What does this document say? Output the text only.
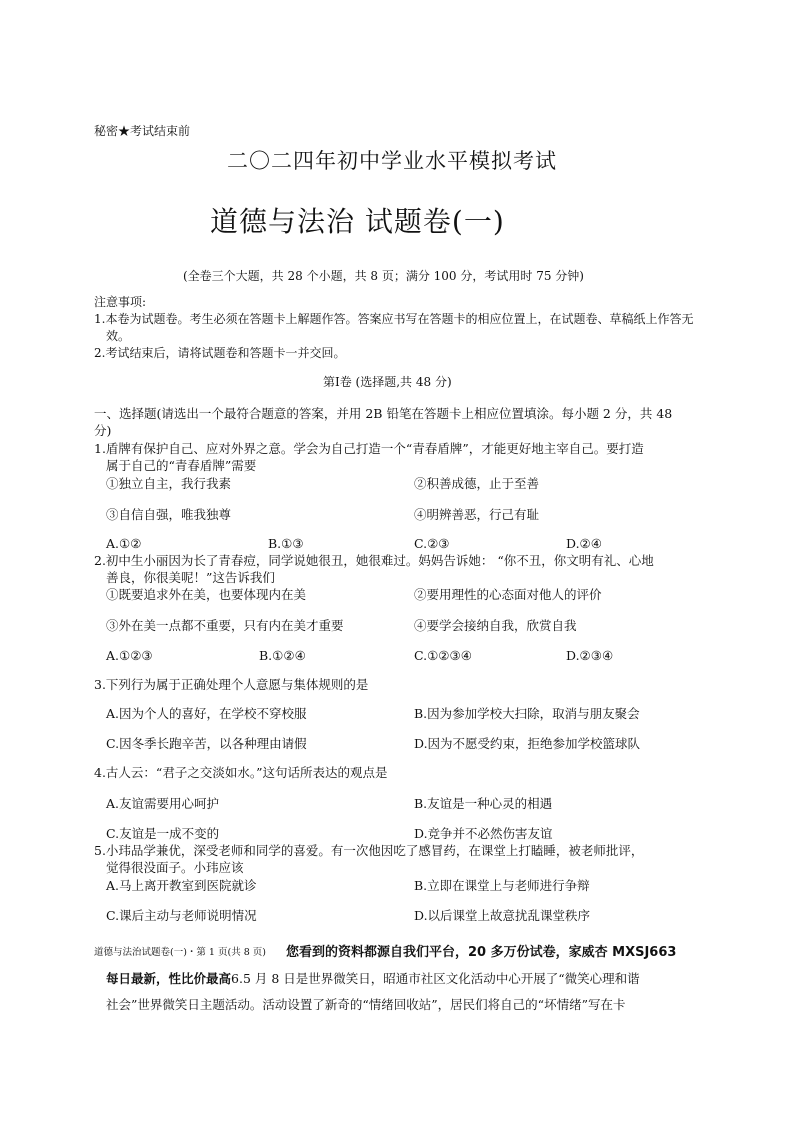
秘密★考试结束前
二〇二四年初中学业水平模拟考试
道德与法治 试题卷(一)
(全卷三个大题，共 28 个小题，共 8 页；满分 100 分，考试用时 75 分钟)
注意事项:
1.本卷为试题卷。考生必须在答题卡上解题作答。答案应书写在答题卡的相应位置上，在试题卷、草稿纸上作答无
效。
2.考试结束后，请将试题卷和答题卡一并交回。
第Ⅰ卷 (选择题,共 48 分)
一、选择题(请选出一个最符合题意的答案，并用 2B 铅笔在答题卡上相应位置填涂。每小题 2 分，共 48
分)
1.盾牌有保护自己、应对外界之意。学会为自己打造一个“青春盾牌”，才能更好地主宰自己。要打造
属于自己的“青春盾牌”需要
①独立自主，我行我素	②积善成德，止于至善
③自信自强，唯我独尊	④明辨善恶，行己有耻
A.①②	B.①③	C.②③	D.②④
2.初中生小丽因为长了青春痘，同学说她很丑，她很难过。妈妈告诉她： “你不丑，你文明有礼、心地
善良，你很美呢！”这告诉我们
①既要追求外在美，也要体现内在美	②要用理性的心态面对他人的评价
③外在美一点都不重要，只有内在美才重要	④要学会接纳自我，欣赏自我
A.①②③	B.①②④	C.①②③④	D.②③④
3.下列行为属于正确处理个人意愿与集体规则的是
A.因为个人的喜好，在学校不穿校服	B.因为参加学校大扫除，取消与朋友聚会
C.因冬季长跑辛苦，以各种理由请假	D.因为不愿受约束，拒绝参加学校篮球队
4.古人云：“君子之交淡如水。”这句话所表达的观点是
A.友谊需要用心呵护	B.友谊是一种心灵的相遇
C.友谊是一成不变的	D.竞争并不必然伤害友谊
5.小玮品学兼优，深受老师和同学的喜爱。有一次他因吃了感冒药，在课堂上打瞌睡，被老师批评，
觉得很没面子。小玮应该
A.马上离开教室到医院就诊	B.立即在课堂上与老师进行争辩
C.课后主动与老师说明情况	D.以后课堂上故意扰乱课堂秩序
道德与法治试题卷(一)・第 1 页(共 8 页) 您看到的资料都源自我们平台，20 多万份试卷，家威杏 MXSJ663
每日最新，性比价最高6.5 月 8 日是世界微笑日，昭通市社区文化活动中心开展了“微笑心理和谐
社会”世界微笑日主题活动。活动设置了新奇的“情绪回收站”，居民们将自己的“坏情绪”写在卡
